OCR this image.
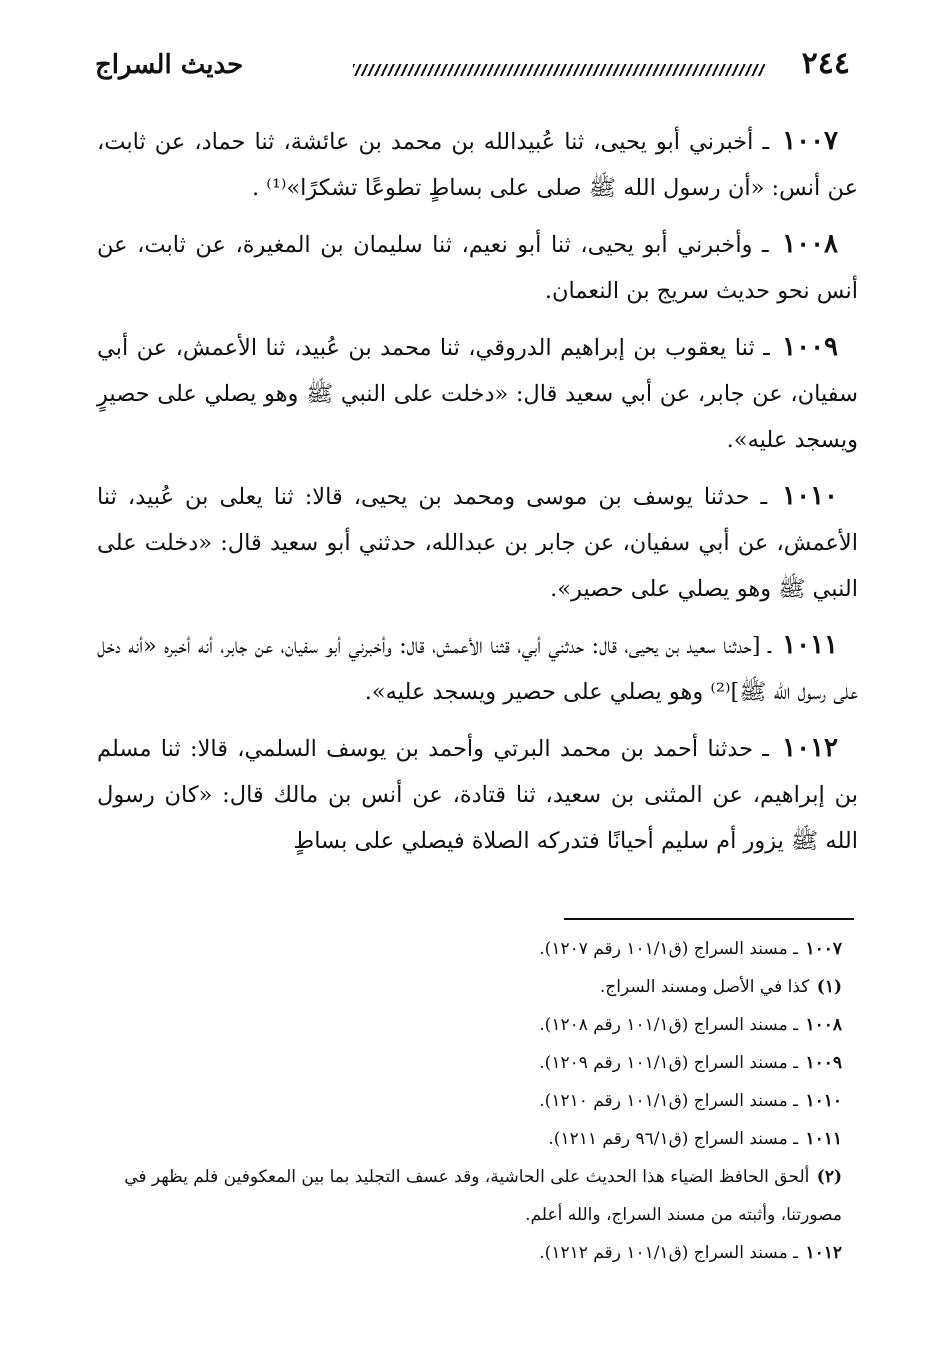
حديث السراج	٢٤٤

١٠٠٧ ـ أخبرني أبو يحيى، ثنا عُبيدالله بن محمد بن عائشة، ثنا حماد، عن ثابت، عن أنس: «أن رسول الله ﷺ صلى على بساطٍ تطوعًا تشكرًا»⁽¹⁾ .

١٠٠٨ ـ وأخبرني أبو يحيى، ثنا أبو نعيم، ثنا سليمان بن المغيرة، عن ثابت، عن أنس نحو حديث سريج بن النعمان.

١٠٠٩ ـ ثنا يعقوب بن إبراهيم الدروقي، ثنا محمد بن عُبيد، ثنا الأعمش، عن أبي سفيان، عن جابر، عن أبي سعيد قال: «دخلت على النبي ﷺ وهو يصلي على حصيرٍ ويسجد عليه».

١٠١٠ ـ حدثنا يوسف بن موسى ومحمد بن يحيى، قالا: ثنا يعلى بن عُبيد، ثنا الأعمش، عن أبي سفيان، عن جابر بن عبدالله، حدثني أبو سعيد قال: «دخلت على النبي ﷺ وهو يصلي على حصير».

١٠١١ ـ [حدثنا سعيد بن يحيى، قال: حدثني أبي، قثنا الأعمش، قال: وأخبرني أبو سفيان، عن جابر، أنه أخبره «أنه دخل على رسول الله ﷺ]⁽²⁾ وهو يصلي على حصير ويسجد عليه».

١٠١٢ ـ حدثنا أحمد بن محمد البرتي وأحمد بن يوسف السلمي، قالا: ثنا مسلم بن إبراهيم، عن المثنى بن سعيد، ثنا قتادة، عن أنس بن مالك قال: «كان رسول الله ﷺ يزور أم سليم أحيانًا فتدركه الصلاة فيصلي على بساطٍ

١٠٠٧ ـ مسند السراج (ق١٠١/١ رقم ١٢٠٧).

(١) كذا في الأصل ومسند السراج.

١٠٠٨ ـ مسند السراج (ق١٠١/١ رقم ١٢٠٨).

١٠٠٩ ـ مسند السراج (ق١٠١/١ رقم ١٢٠٩).

١٠١٠ ـ مسند السراج (ق١٠١/١ رقم ١٢١٠).

١٠١١ ـ مسند السراج (ق٩٦/١ رقم ١٢١١).

(٢) ألحق الحافظ الضياء هذا الحديث على الحاشية، وقد عسف التجليد بما بين المعكوفين فلم يظهر في مصورتنا، وأثبته من مسند السراج، والله أعلم.

١٠١٢ ـ مسند السراج (ق١٠١/١ رقم ١٢١٢).
